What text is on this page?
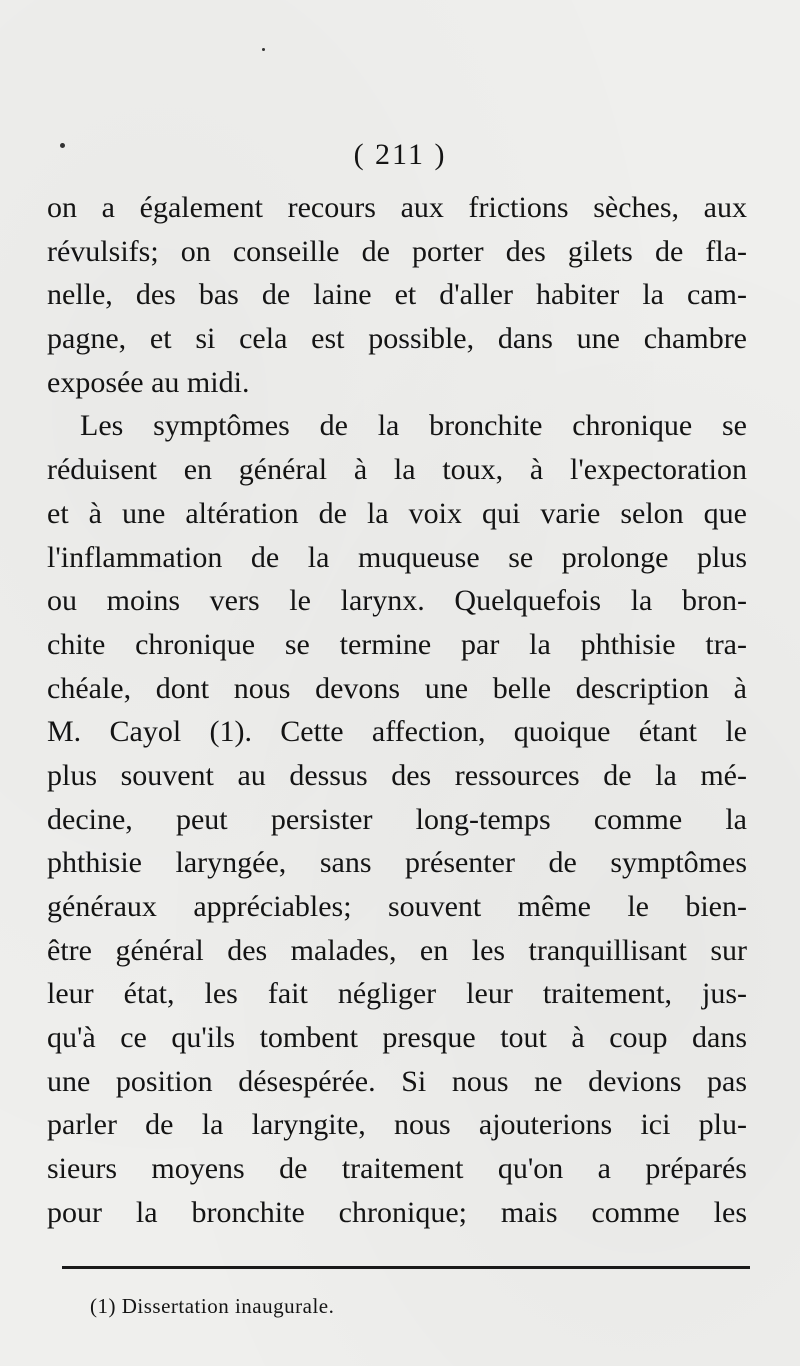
( 211 )
on a également recours aux frictions sèches, aux
révulsifs; on conseille de porter des gilets de fla-
nelle, des bas de laine et d'aller habiter la cam-
pagne, et si cela est possible, dans une chambre
exposée au midi.
Les symptômes de la bronchite chronique se
réduisent en général à la toux, à l'expectoration
et à une altération de la voix qui varie selon que
l'inflammation de la muqueuse se prolonge plus
ou moins vers le larynx. Quelquefois la bron-
chite chronique se termine par la phthisie tra-
chéale, dont nous devons une belle description à
M. Cayol (1). Cette affection, quoique étant le
plus souvent au dessus des ressources de la mé-
decine, peut persister long-temps comme la
phthisie laryngée, sans présenter de symptômes
généraux appréciables; souvent même le bien-
être général des malades, en les tranquillisant sur
leur état, les fait négliger leur traitement, jus-
qu'à ce qu'ils tombent presque tout à coup dans
une position désespérée. Si nous ne devions pas
parler de la laryngite, nous ajouterions ici plu-
sieurs moyens de traitement qu'on a préparés
pour la bronchite chronique; mais comme les
(1) Dissertation inaugurale.
